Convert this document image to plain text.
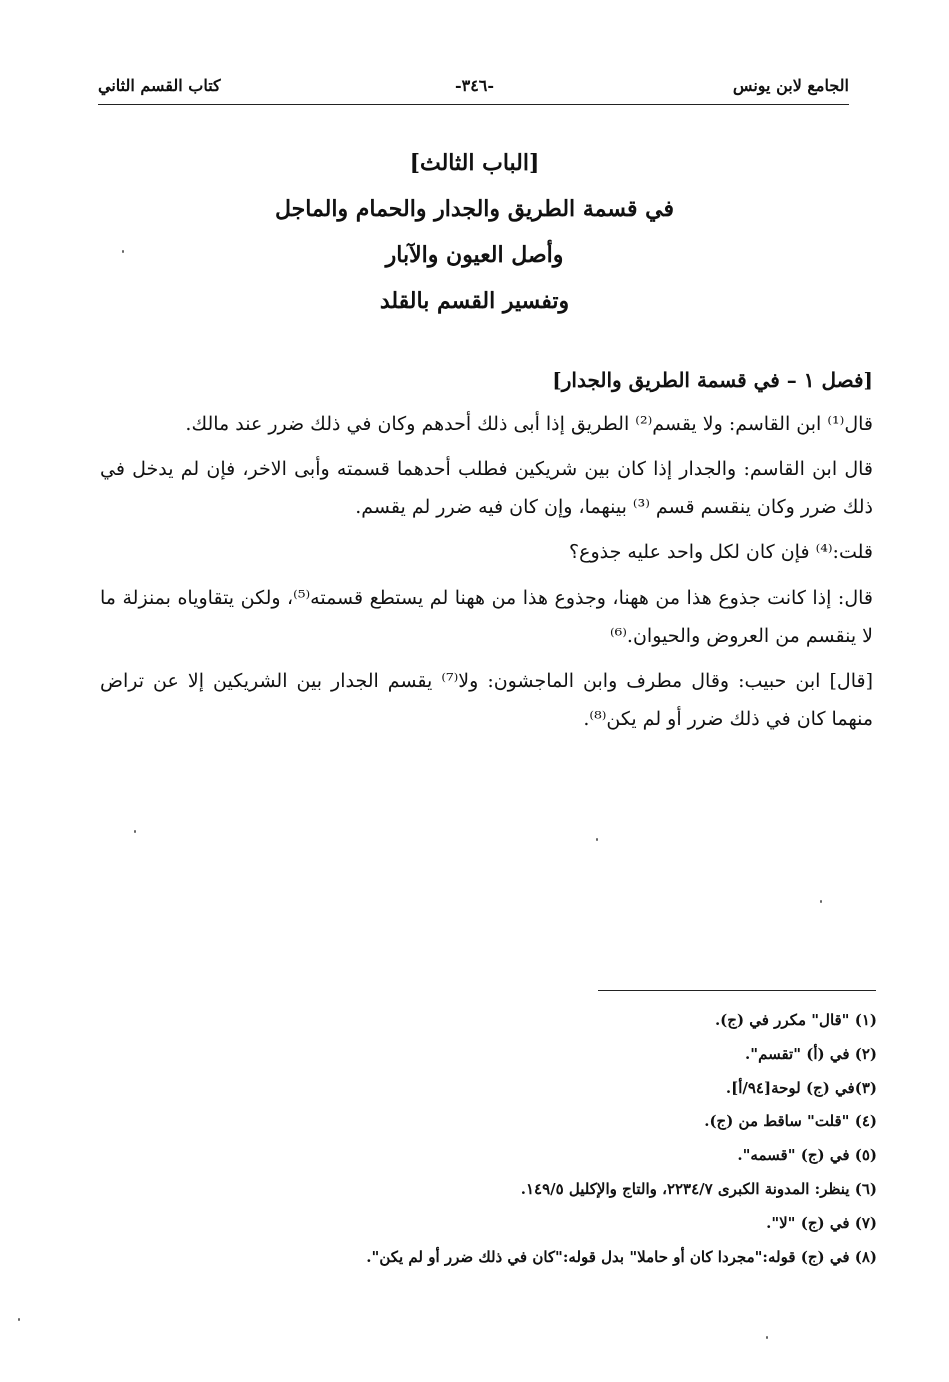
الجامع لابن يونس
-٣٤٦-
كتاب القسم الثاني

[الباب الثالث]

في قسمة الطريق والجدار والحمام والماجل

وأصل العيون والآبار

وتفسير القسم بالقلد

[فصل ١ – في قسمة الطريق والجدار]

قال⁽¹⁾ ابن القاسم: ولا يقسم⁽²⁾ الطريق إذا أبى ذلك أحدهم وكان في ذلك ضرر عند مالك.

قال ابن القاسم: والجدار إذا كان بين شريكين فطلب أحدهما قسمته وأبى الاخر، فإن لم يدخل في ذلك ضرر وكان ينقسم قسم ⁽³⁾ بينهما، وإن كان فيه ضرر لم يقسم.

قلت:⁽⁴⁾ فإن كان لكل واحد عليه جذوع؟

قال: إذا كانت جذوع هذا من ههنا، وجذوع هذا من ههنا لم يستطع قسمته⁽⁵⁾، ولكن يتقاوياه بمنزلة ما لا ينقسم من العروض والحيوان.⁽⁶⁾

[قال] ابن حبيب: وقال مطرف وابن الماجشون: ولا⁽⁷⁾ يقسم الجدار بين الشريكين إلا عن تراض منهما كان في ذلك ضرر أو لم يكن⁽⁸⁾.

(١) "قال" مكرر في (ج).
(٢) في (أ) "تقسم".
(٣)في (ج) لوحة[٩٤/أ].
(٤) "قلت" ساقط من (ج).
(٥) في (ج) "قسمه".
(٦) ينظر: المدونة الكبرى ٢٢٣٤/٧، والتاج والإكليل ١٤٩/٥.
(٧) في (ج) "لا".
(٨) في (ج) قوله:"مجردا كان أو حاملا" بدل قوله:"كان في ذلك ضرر أو لم يكن".
